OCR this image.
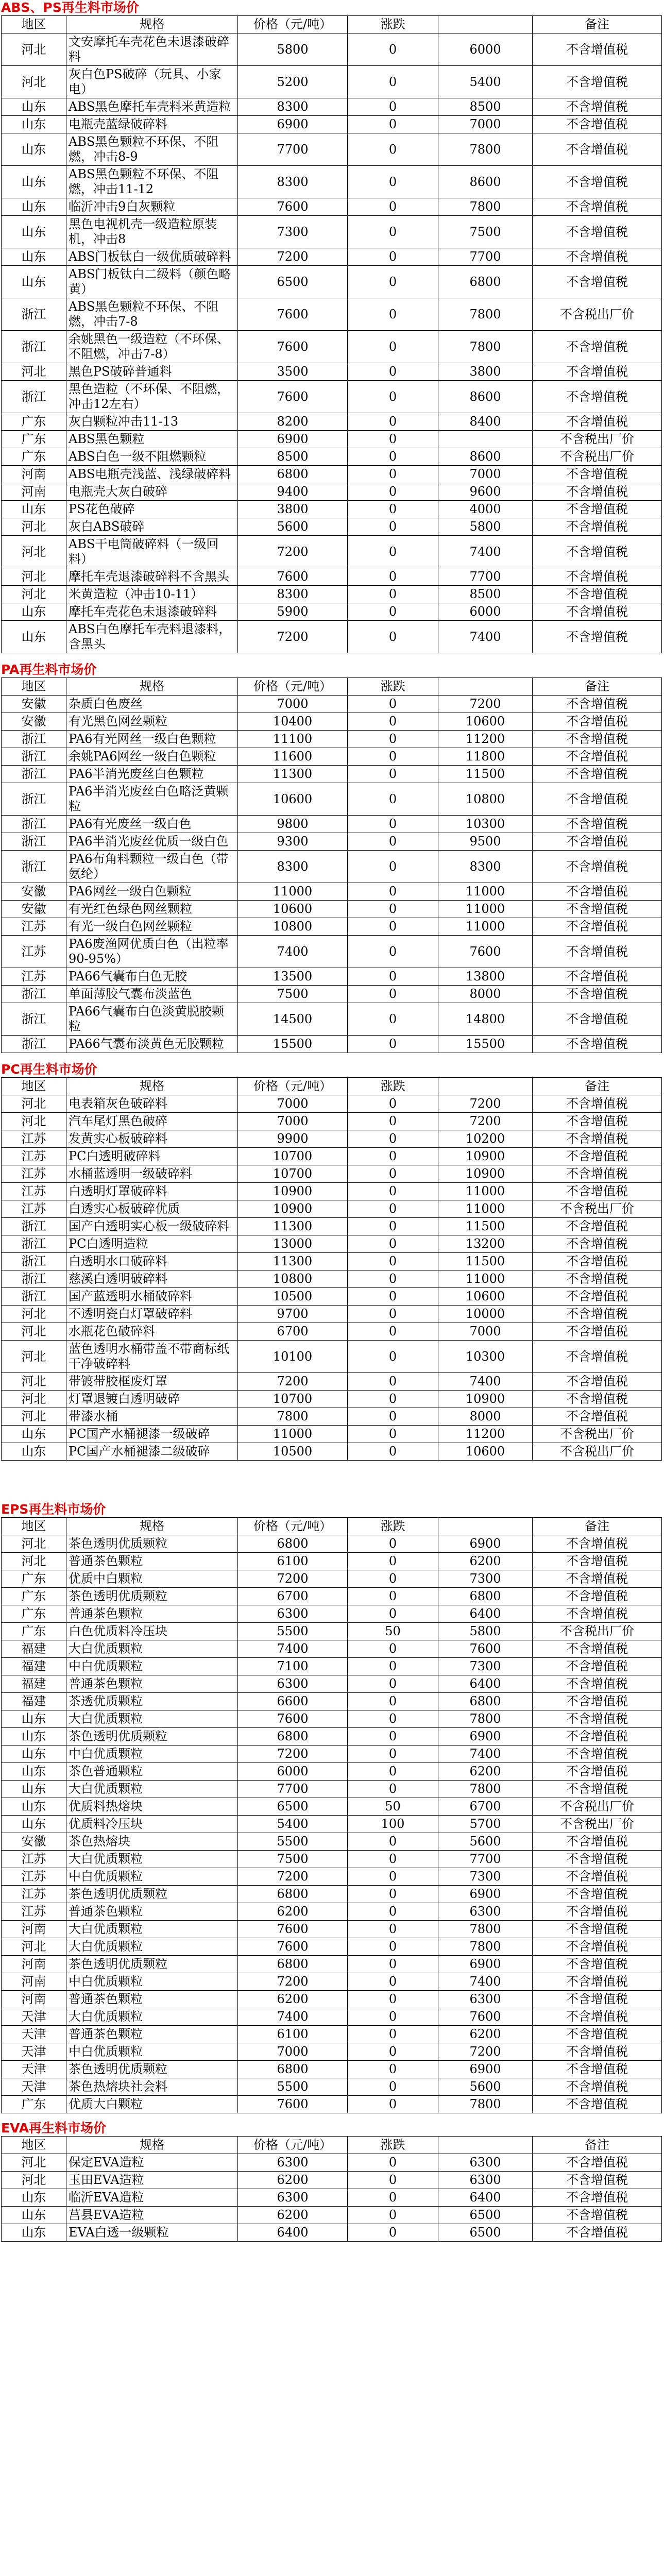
ABS、PS再生料市场价
地区	规格	价格（元/吨）	涨跌		备注
河北	文安摩托车壳花色未退漆破碎料	5800	0	6000	不含增值税
河北	灰白色PS破碎（玩具、小家电）	5200	0	5400	不含增值税
山东	ABS黑色摩托车壳料米黄造粒	8300	0	8500	不含增值税
山东	电瓶壳蓝绿破碎料	6900	0	7000	不含增值税
山东	ABS黑色颗粒不环保、不阻燃，冲击8-9	7700	0	7800	不含增值税
山东	ABS黑色颗粒不环保、不阻燃，冲击11-12	8300	0	8600	不含增值税
山东	临沂冲击9白灰颗粒	7600	0	7800	不含增值税
山东	黑色电视机壳一级造粒原装机，冲击8	7300	0	7500	不含增值税
山东	ABS门板钛白一级优质破碎料	7200	0	7700	不含增值税
山东	ABS门板钛白二级料（颜色略黄）	6500	0	6800	不含增值税
浙江	ABS黑色颗粒不环保、不阻燃，冲击7-8	7600	0	7800	不含税出厂价
浙江	余姚黑色一级造粒（不环保、不阻燃，冲击7-8）	7600	0	7800	不含增值税
河北	黑色PS破碎普通料	3500	0	3800	不含增值税
浙江	黑色造粒（不环保、不阻燃，冲击12左右）	7600	0	8600	不含增值税
广东	灰白颗粒冲击11-13	8200	0	8400	不含增值税
广东	ABS黑色颗粒	6900	0		不含税出厂价
广东	ABS白色一级不阻燃颗粒	8500	0	8600	不含税出厂价
河南	ABS电瓶壳浅蓝、浅绿破碎料	6800	0	7000	不含增值税
河南	电瓶壳大灰白破碎	9400	0	9600	不含增值税
山东	PS花色破碎	3800	0	4000	不含增值税
河北	灰白ABS破碎	5600	0	5800	不含增值税
河北	ABS干电筒破碎料（一级回料）	7200	0	7400	不含增值税
河北	摩托车壳退漆破碎料不含黑头	7600	0	7700	不含增值税
河北	米黄造粒（冲击10-11）	8300	0	8500	不含增值税
山东	摩托车壳花色未退漆破碎料	5900	0	6000	不含增值税
山东	ABS白色摩托车壳料退漆料，含黑头	7200	0	7400	不含增值税
PA再生料市场价
地区	规格	价格（元/吨）	涨跌		备注
安徽	杂质白色废丝	7000	0	7200	不含增值税
安徽	有光黑色网丝颗粒	10400	0	10600	不含增值税
浙江	PA6有光网丝一级白色颗粒	11100	0	11200	不含增值税
浙江	余姚PA6网丝一级白色颗粒	11600	0	11800	不含增值税
浙江	PA6半消光废丝白色颗粒	11300	0	11500	不含增值税
浙江	PA6半消光废丝白色略泛黄颗粒	10600	0	10800	不含增值税
浙江	PA6有光废丝一级白色	9800	0	10300	不含增值税
浙江	PA6半消光废丝优质一级白色	9300	0	9500	不含增值税
浙江	PA6布角料颗粒一级白色（带氨纶）	8300	0	8300	不含增值税
安徽	PA6网丝一级白色颗粒	11000	0	11000	不含增值税
安徽	有光红色绿色网丝颗粒	10600	0	11000	不含增值税
江苏	有光一级白色网丝颗粒	10800	0	11000	不含增值税
江苏	PA6废渔网优质白色（出粒率90-95%）	7400	0	7600	不含增值税
江苏	PA66气囊布白色无胶	13500	0	13800	不含增值税
浙江	单面薄胶气囊布淡蓝色	7500	0	8000	不含增值税
浙江	PA66气囊布白色淡黄脱胶颗粒	14500	0	14800	不含增值税
浙江	PA66气囊布淡黄色无胶颗粒	15500	0	15500	不含增值税
PC再生料市场价
地区	规格	价格（元/吨）	涨跌		备注
河北	电表箱灰色破碎料	7000	0	7200	不含增值税
河北	汽车尾灯黑色破碎	7000	0	7200	不含增值税
江苏	发黄实心板破碎料	9900	0	10200	不含增值税
江苏	PC白透明破碎料	10700	0	10900	不含增值税
江苏	水桶蓝透明一级破碎料	10700	0	10900	不含增值税
江苏	白透明灯罩破碎料	10900	0	11000	不含增值税
江苏	白透实心板破碎优质	10900	0	11000	不含税出厂价
浙江	国产白透明实心板一级破碎料	11300	0	11500	不含增值税
浙江	PC白透明造粒	13000	0	13200	不含增值税
浙江	白透明水口破碎料	11300	0	11500	不含增值税
浙江	慈溪白透明破碎料	10800	0	11000	不含增值税
浙江	国产蓝透明水桶破碎料	10500	0	10600	不含增值税
河北	不透明瓷白灯罩破碎料	9700	0	10000	不含增值税
河北	水瓶花色破碎料	6700	0	7000	不含增值税
河北	蓝色透明水桶带盖不带商标纸干净破碎料	10100	0	10300	不含增值税
河北	带镀带胶框废灯罩	7200	0	7400	不含增值税
河北	灯罩退镀白透明破碎	10700	0	10900	不含增值税
河北	带漆水桶	7800	0	8000	不含增值税
山东	PC国产水桶褪漆一级破碎	11000	0	11200	不含税出厂价
山东	PC国产水桶褪漆二级破碎	10500	0	10600	不含税出厂价
EPS再生料市场价
地区	规格	价格（元/吨）	涨跌		备注
河北	茶色透明优质颗粒	6800	0	6900	不含增值税
河北	普通茶色颗粒	6100	0	6200	不含增值税
广东	优质中白颗粒	7200	0	7300	不含增值税
广东	茶色透明优质颗粒	6700	0	6800	不含增值税
广东	普通茶色颗粒	6300	0	6400	不含增值税
广东	白色优质料冷压块	5500	50	5800	不含税出厂价
福建	大白优质颗粒	7400	0	7600	不含增值税
福建	中白优质颗粒	7100	0	7300	不含增值税
福建	普通茶色颗粒	6300	0	6400	不含增值税
福建	茶透优质颗粒	6600	0	6800	不含增值税
山东	大白优质颗粒	7600	0	7800	不含增值税
山东	茶色透明优质颗粒	6800	0	6900	不含增值税
山东	中白优质颗粒	7200	0	7400	不含增值税
山东	茶色普通颗粒	6000	0	6200	不含增值税
山东	大白优质颗粒	7700	0	7800	不含增值税
山东	优质料热熔块	6500	50	6700	不含税出厂价
山东	优质料冷压块	5400	100	5700	不含税出厂价
安徽	茶色热熔块	5500	0	5600	不含增值税
江苏	大白优质颗粒	7500	0	7700	不含增值税
江苏	中白优质颗粒	7200	0	7300	不含增值税
江苏	茶色透明优质颗粒	6800	0	6900	不含增值税
江苏	普通茶色颗粒	6200	0	6300	不含增值税
河南	大白优质颗粒	7600	0	7800	不含增值税
河北	大白优质颗粒	7600	0	7800	不含增值税
河南	茶色透明优质颗粒	6800	0	6900	不含增值税
河南	中白优质颗粒	7200	0	7400	不含增值税
河南	普通茶色颗粒	6200	0	6300	不含增值税
天津	大白优质颗粒	7400	0	7600	不含增值税
天津	普通茶色颗粒	6100	0	6200	不含增值税
天津	中白优质颗粒	7000	0	7200	不含增值税
天津	茶色透明优质颗粒	6800	0	6900	不含增值税
天津	茶色热熔块社会料	5500	0	5600	不含增值税
广东	优质大白颗粒	7600	0	7800	不含增值税
EVA再生料市场价
地区	规格	价格（元/吨）	涨跌		备注
河北	保定EVA造粒	6300	0	6300	不含增值税
河北	玉田EVA造粒	6200	0	6300	不含增值税
山东	临沂EVA造粒	6300	0	6400	不含增值税
山东	莒县EVA造粒	6200	0	6500	不含增值税
山东	EVA白透一级颗粒	6400	0	6500	不含增值税
